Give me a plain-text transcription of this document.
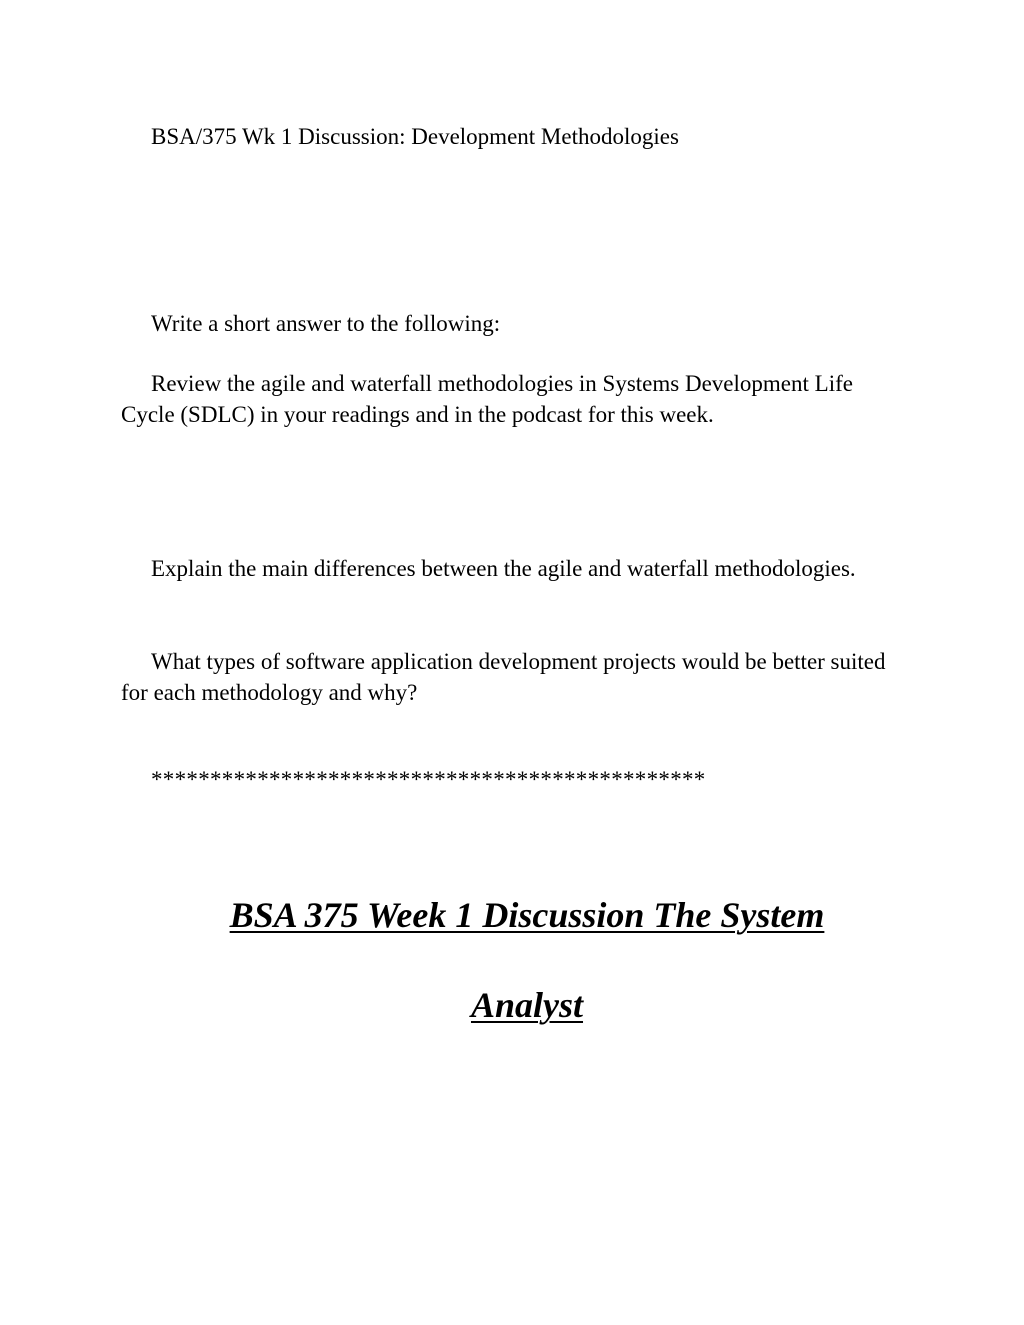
BSA/375 Wk 1 Discussion: Development Methodologies

Write a short answer to the following:

Review the agile and waterfall methodologies in Systems Development Life Cycle (SDLC) in your readings and in the podcast for this week.

Explain the main differences between the agile and waterfall methodologies.

What types of software application development projects would be better suited for each methodology and why?

***********************************************

BSA 375 Week 1 Discussion The System

Analyst
